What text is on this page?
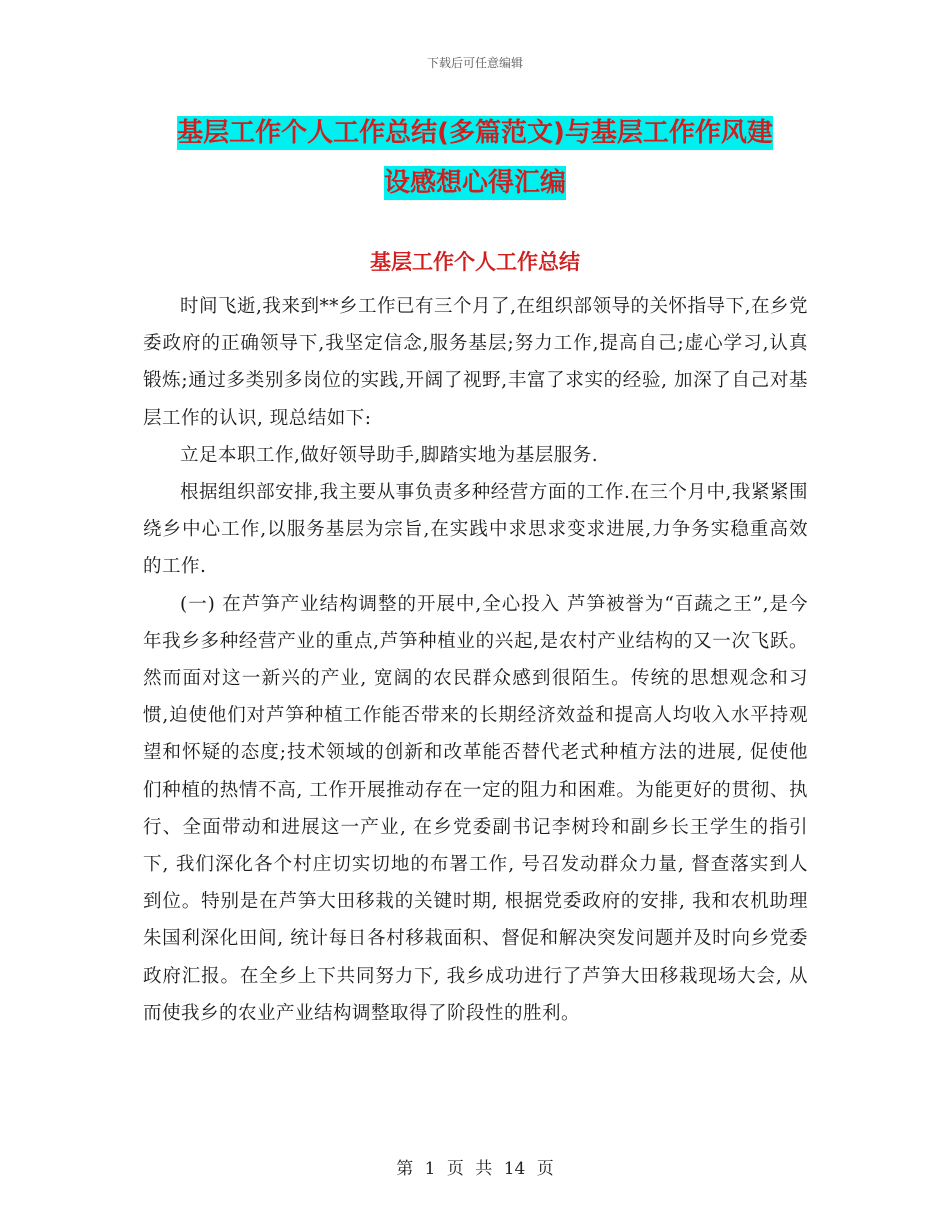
下载后可任意编辑
基层工作个人工作总结(多篇范文)与基层工作作风建
设感想心得汇编
基层工作个人工作总结

时间飞逝,我来到**乡工作已有三个月了,在组织部领导的关怀指导下,在乡党委政府的正确领导下,我坚定信念,服务基层;努力工作,提高自己;虚心学习,认真锻炼;通过多类别多岗位的实践,开阔了视野,丰富了求实的经验, 加深了自己对基层工作的认识, 现总结如下:

立足本职工作,做好领导助手,脚踏实地为基层服务.

根据组织部安排,我主要从事负责多种经营方面的工作.在三个月中,我紧紧围绕乡中心工作,以服务基层为宗旨,在实践中求思求变求进展,力争务实稳重高效的工作.

(一) 在芦笋产业结构调整的开展中,全心投入 芦笋被誉为“百蔬之王”,是今年我乡多种经营产业的重点,芦笋种植业的兴起,是农村产业结构的又一次飞跃。然而面对这一新兴的产业, 宽阔的农民群众感到很陌生。传统的思想观念和习惯,迫使他们对芦笋种植工作能否带来的长期经济效益和提高人均收入水平持观望和怀疑的态度;技术领域的创新和改革能否替代老式种植方法的进展, 促使他们种植的热情不高, 工作开展推动存在一定的阻力和困难。为能更好的贯彻、执行、全面带动和进展这一产业, 在乡党委副书记李树玲和副乡长王学生的指引下, 我们深化各个村庄切实切地的布署工作, 号召发动群众力量, 督查落实到人到位。特别是在芦笋大田移栽的关键时期, 根据党委政府的安排, 我和农机助理朱国利深化田间, 统计每日各村移栽面积、督促和解决突发问题并及时向乡党委政府汇报。在全乡上下共同努力下, 我乡成功进行了芦笋大田移栽现场大会, 从而使我乡的农业产业结构调整取得了阶段性的胜利。

第 1 页 共 14 页
